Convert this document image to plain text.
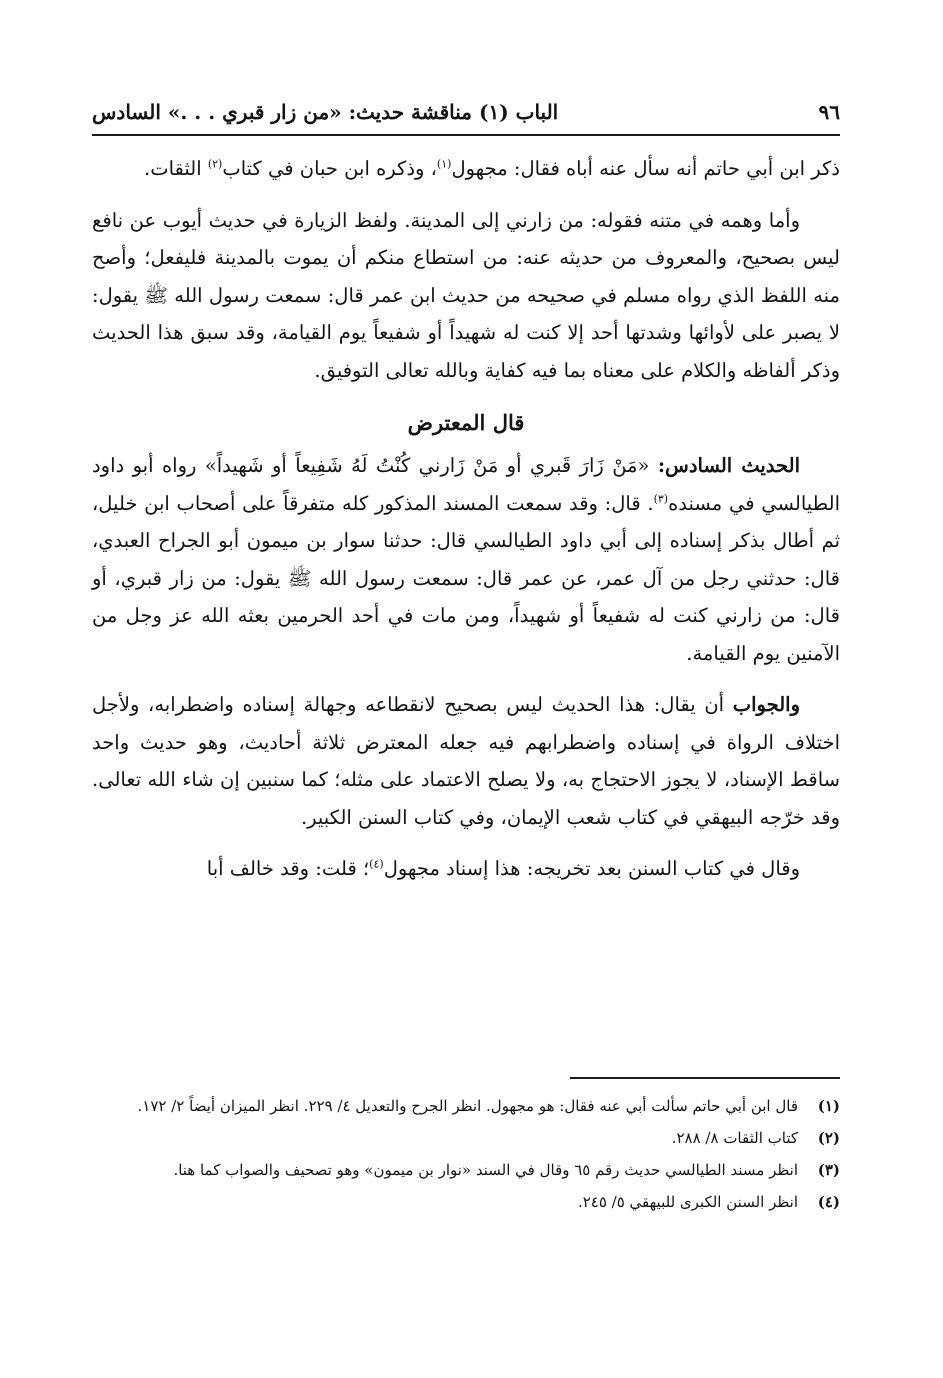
٩٦
الباب (١) مناقشة حديث: «من زار قبري . . .» السادس

ذكر ابن أبي حاتم أنه سأل عنه أباه فقال: مجهول$^{(١)}$، وذكره ابن حبان في كتاب$^{(٢)}$ الثقات.

وأما وهمه في متنه فقوله: من زارني إلى المدينة. ولفظ الزيارة في حديث أيوب عن نافع ليس بصحيح، والمعروف من حديثه عنه: من استطاع منكم أن يموت بالمدينة فليفعل؛ وأصح منه اللفظ الذي رواه مسلم في صحيحه من حديث ابن عمر قال: سمعت رسول الله ﷺ يقول: لا يصبر على لأوائها وشدتها أحد إلا كنت له شهيداً أو شفيعاً يوم القيامة، وقد سبق هذا الحديث وذكر ألفاظه والكلام على معناه بما فيه كفاية وبالله تعالى التوفيق.

قال المعترض

الحديث السادس: «مَنْ زَارَ قَبري أو مَنْ زَارني كُنْتُ لَهُ شَفِيعاً أو شَهيداً» رواه أبو داود الطيالسي في مسنده$^{(٣)}$. قال: وقد سمعت المسند المذكور كله متفرقاً على أصحاب ابن خليل، ثم أطال بذكر إسناده إلى أبي داود الطيالسي قال: حدثنا سوار بن ميمون أبو الجراح العبدي، قال: حدثني رجل من آل عمر، عن عمر قال: سمعت رسول الله ﷺ يقول: من زار قبري، أو قال: من زارني كنت له شفيعاً أو شهيداً، ومن مات في أحد الحرمين بعثه الله عز وجل من الآمنين يوم القيامة.

والجواب أن يقال: هذا الحديث ليس بصحيح لانقطاعه وجهالة إسناده واضطرابه، ولأجل اختلاف الرواة في إسناده واضطرابهم فيه جعله المعترض ثلاثة أحاديث، وهو حديث واحد ساقط الإسناد، لا يجوز الاحتجاج به، ولا يصلح الاعتماد على مثله؛ كما سنبين إن شاء الله تعالى. وقد خرّجه البيهقي في كتاب شعب الإيمان، وفي كتاب السنن الكبير.

وقال في كتاب السنن بعد تخريجه: هذا إسناد مجهول$^{(٤)}$؛ قلت: وقد خالف أبا

(١)
قال ابن أبي حاتم سألت أبي عنه فقال: هو مجهول. انظر الجرح والتعديل ٤/ ٢٢٩. انظر الميزان أيضاً ٢/ ١٧٢.
(٢)
كتاب الثقات ٨/ ٢٨٨.
(٣)
انظر مسند الطيالسي حديث رقم ٦٥ وقال في السند «نوار بن ميمون» وهو تصحيف والصواب كما هنا.
(٤)
انظر السنن الكبرى للبيهقي ٥/ ٢٤٥.
